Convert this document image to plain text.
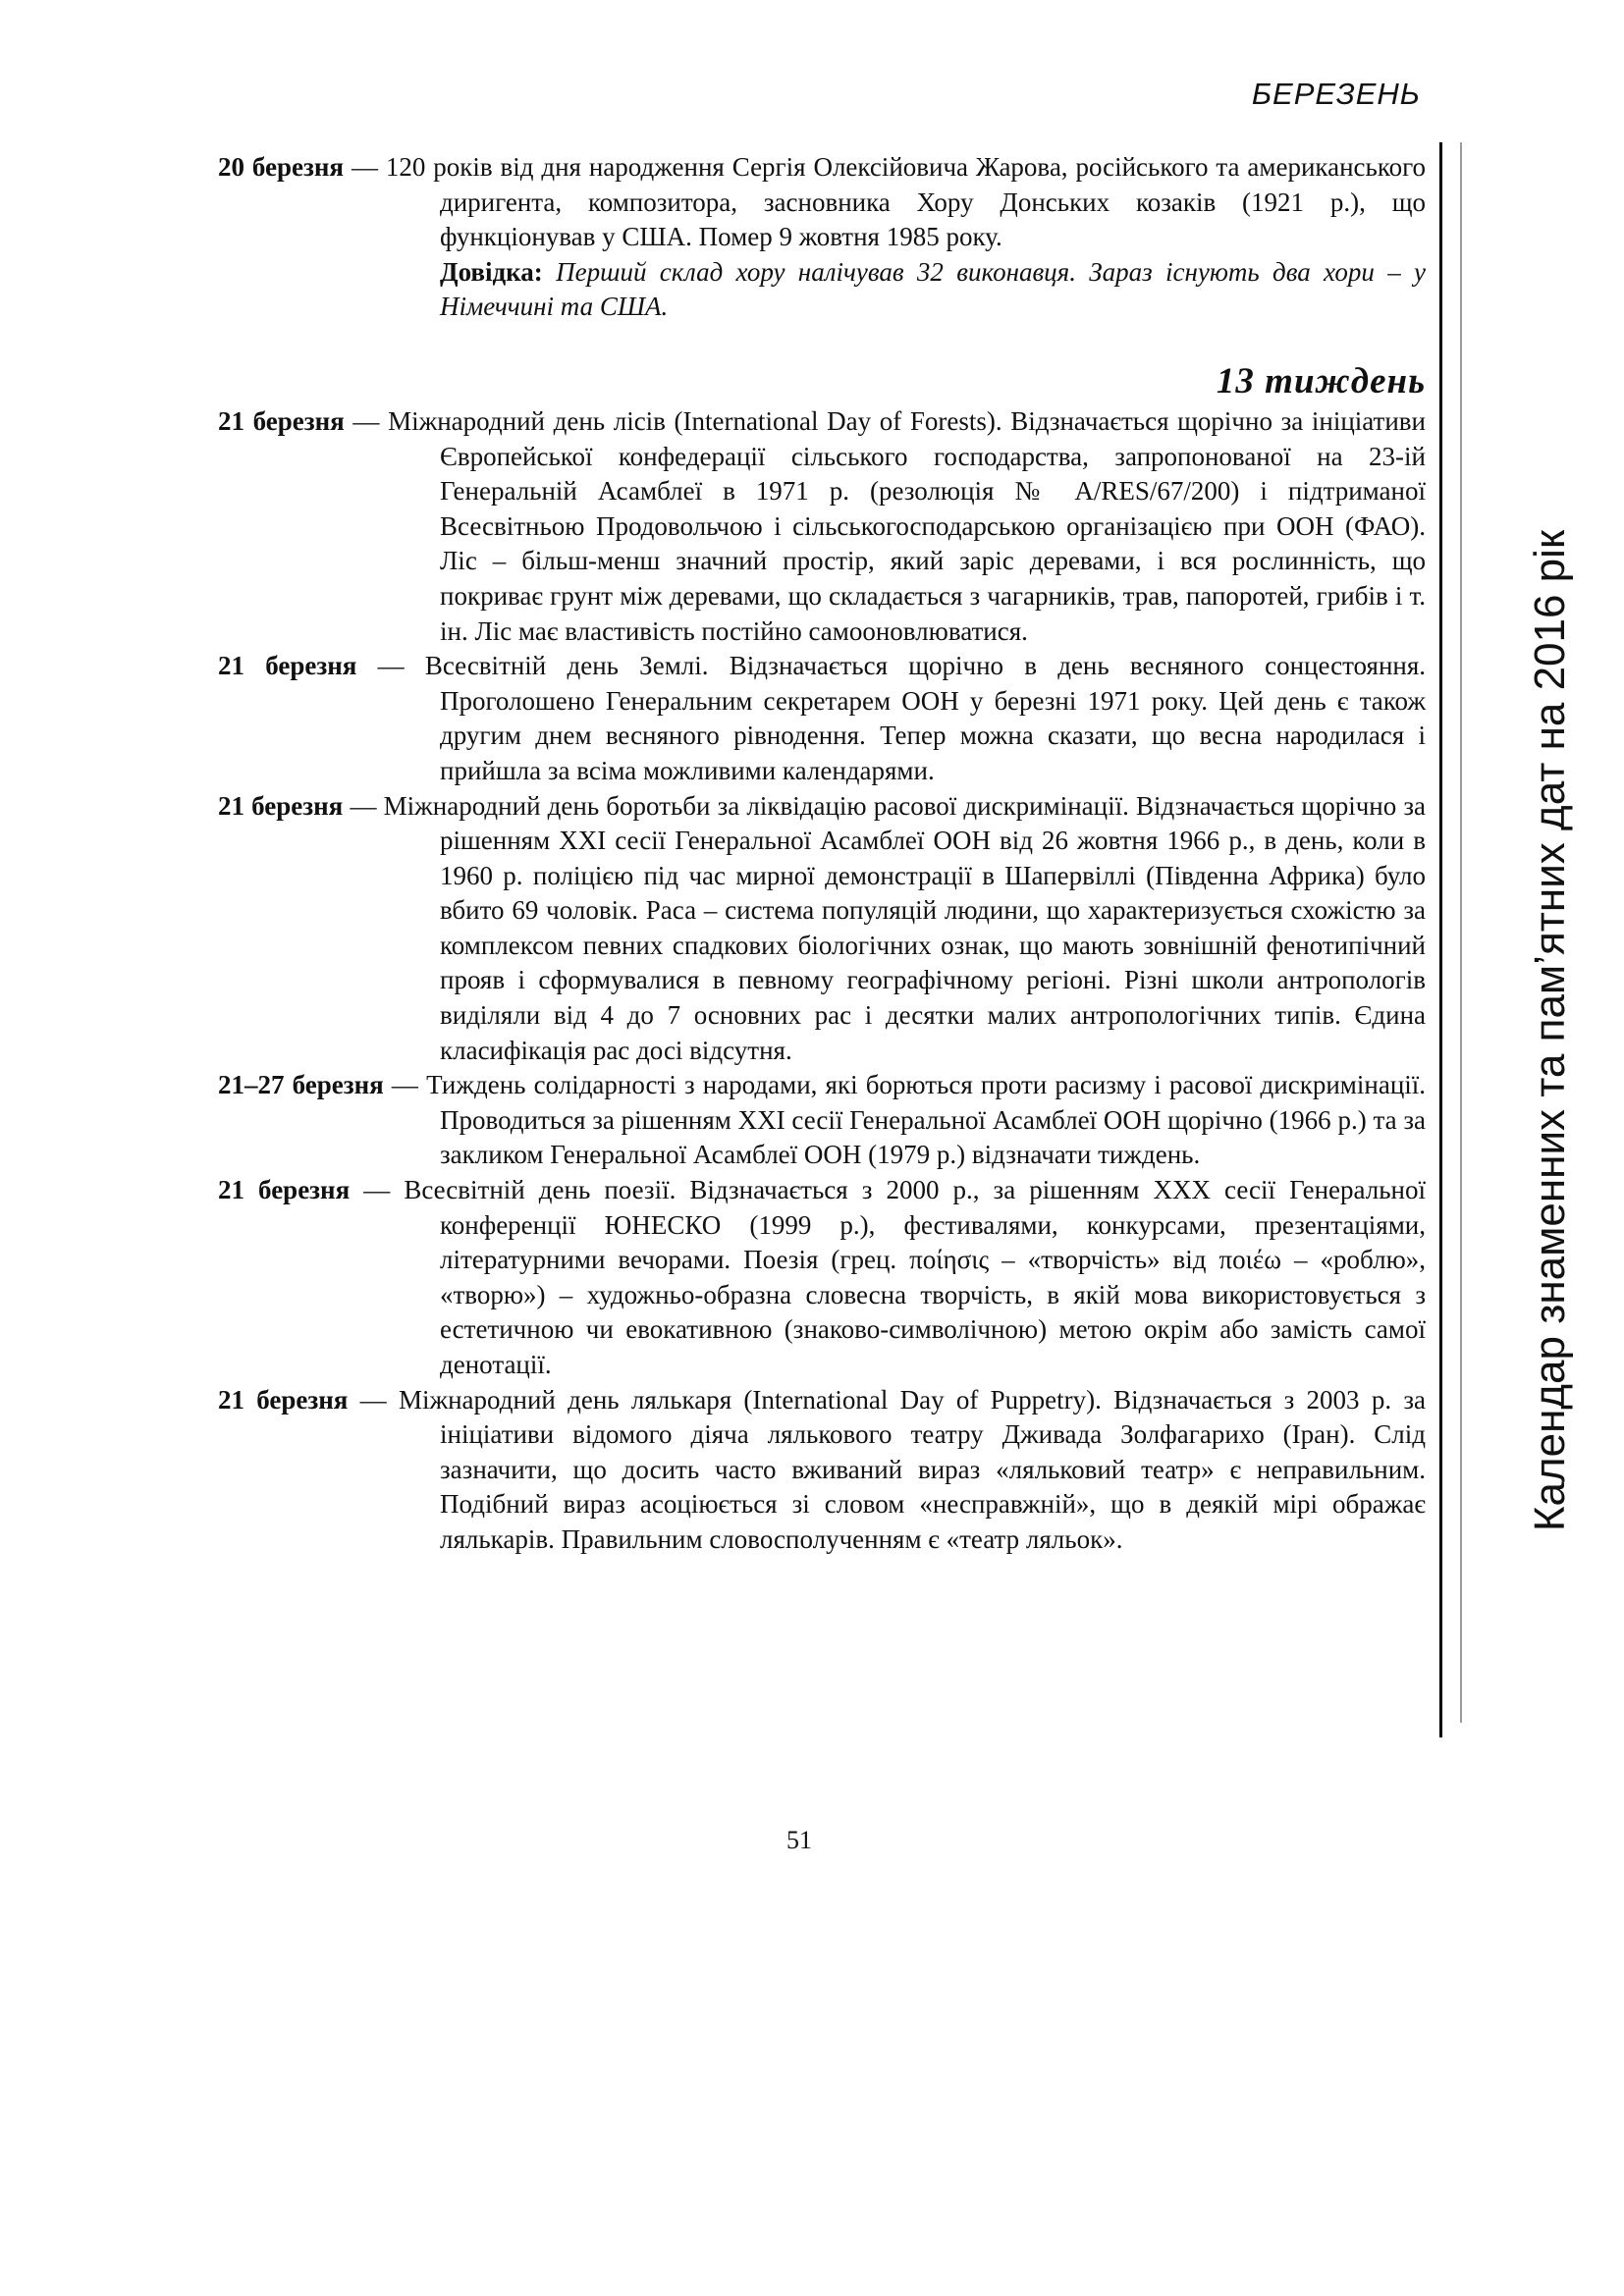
БЕРЕЗЕНЬ
Календар знаменних та пам’ятних дат на 2016 рік

20 березня — 120 років від дня народження Сергія Олексійовича Жарова, російського та американського диригента, композитора, засновника Хору Донських козаків (1921 р.), що функціонував у США. Помер 9 жовтня 1985 року.
Довідка: Перший склад хору налічував 32 виконавця. Зараз існують два хори – у Німеччині та США.

13 тиждень

21 березня — Міжнародний день лісів (International Day of Forests). Відзначається щорічно за ініціативи Європейської конфедерації сільського господарства, запропонованої на 23-ій Генеральній Асамблеї в 1971 р. (резолюція № A/RES/67/200) і підтриманої Всесвітньою Продовольчою і сільськогосподарською організацією при ООН (ФАО). Ліс – більш-менш значний простір, який заріс деревами, і вся рослинність, що покриває грунт між деревами, що складається з чагарників, трав, папоротей, грибів і т. ін. Ліс має властивість постійно самооновлюватися.

21 березня — Всесвітній день Землі. Відзначається щорічно в день весняного сонцестояння. Проголошено Генеральним секретарем ООН у березні 1971 року. Цей день є також другим днем весняного рівнодення. Тепер можна сказати, що весна народилася і прийшла за всіма можливими календарями.

21 березня — Міжнародний день боротьби за ліквідацію расової дискримінації. Відзначається щорічно за рішенням XXI сесії Генеральної Асамблеї ООН від 26 жовтня 1966 р., в день, коли в 1960 р. поліцією під час мирної демонстрації в Шапервіллі (Південна Африка) було вбито 69 чоловік. Раса – система популяцій людини, що характеризується схожістю за комплексом певних спадкових біологічних ознак, що мають зовнішній фенотипічний прояв і сформувалися в певному географічному регіоні. Різні школи антропологів виділяли від 4 до 7 основних рас і десятки малих антропологічних типів. Єдина класифікація рас досі відсутня.

21–27 березня — Тиждень солідарності з народами, які борються проти расизму і расової дискримінації. Проводиться за рішенням XXI сесії Генеральної Асамблеї ООН щорічно (1966 р.) та за закликом Генеральної Асамблеї ООН (1979 р.) відзначати тиждень.

21 березня — Всесвітній день поезії. Відзначається з 2000 р., за рішенням XXX сесії Генеральної конференції ЮНЕСКО (1999 р.), фестивалями, конкурсами, презентаціями, літературними вечорами. Поезія (грец. ποίησις – «творчість» від ποιέω – «роблю», «творю») – художньо-образна словесна творчість, в якій мова використовується з естетичною чи евокативною (знаково-символічною) метою окрім або замість самої денотації.

21 березня — Міжнародний день лялькаря (International Day of Puppetry). Відзначається з 2003 р. за ініціативи відомого діяча лялькового театру Дживада Золфагарихо (Іран). Слід зазначити, що досить часто вживаний вираз «ляльковий театр» є неправильним. Подібний вираз асоціюється зі словом «несправжній», що в деякій мірі ображає лялькарів. Правильним словосполученням є «театр ляльок».

51
